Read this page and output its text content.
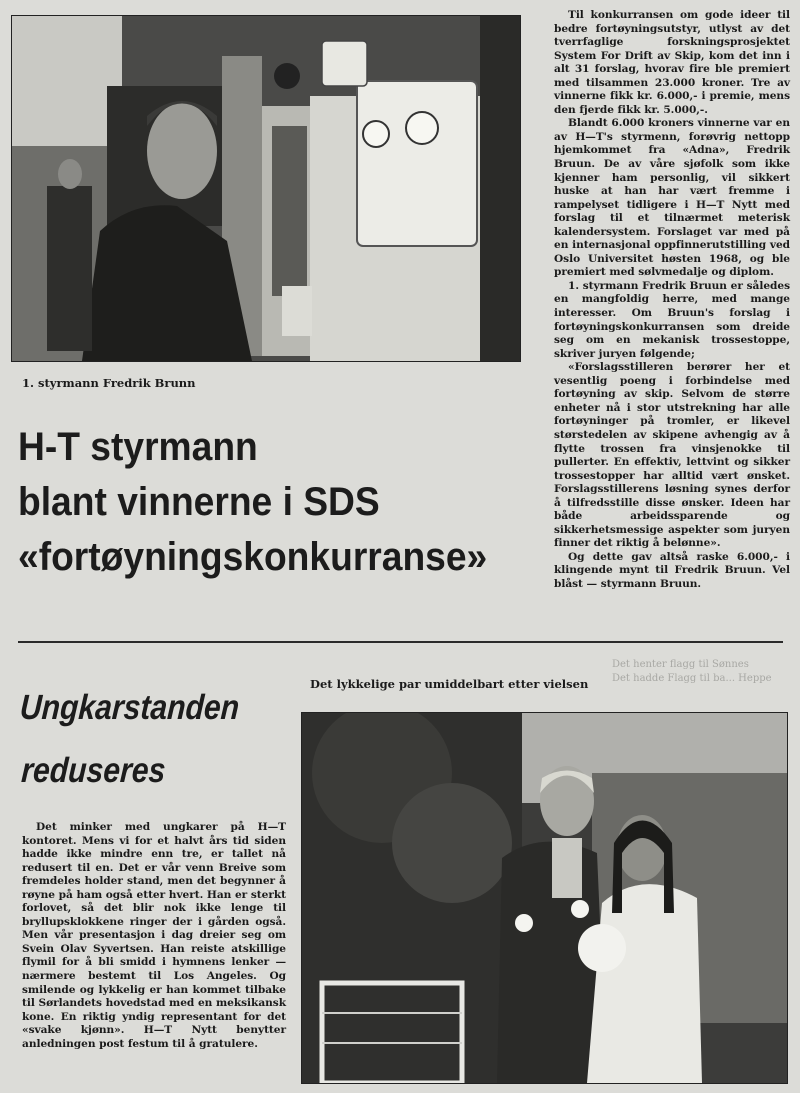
1. styrmann Fredrik Brunn
H-T styrmann
blant vinnerne i SDS
«fortøyningskonkurranse»

Til konkurransen om gode ideer til bedre fortøyningsutstyr, utlyst av det tverrfaglige forskningsprosjektet System For Drift av Skip, kom det inn i alt 31 forslag, hvorav fire ble premiert med tilsammen 23.000 kroner. Tre av vinnerne fikk kr. 6.000,- i premie, mens den fjerde fikk kr. 5.000,-.

Blandt 6.000 kroners vinnerne var en av H—T's styrmenn, forøvrig nettopp hjemkommet fra «Adna», Fredrik Bruun. De av våre sjøfolk som ikke kjenner ham personlig, vil sikkert huske at han har vært fremme i rampelyset tidligere i H—T Nytt med forslag til et tilnærmet meterisk kalendersystem. Forslaget var med på en internasjonal oppfinnerutstilling ved Oslo Universitet høsten 1968, og ble premiert med sølvmedalje og diplom.

1. styrmann Fredrik Bruun er således en mangfoldig herre, med mange interesser. Om Bruun's forslag i fortøyningskonkurransen som dreide seg om en mekanisk trossestoppe, skriver juryen følgende;

«Forslagsstilleren berører her et vesentlig poeng i forbindelse med fortøyning av skip. Selvom de større enheter nå i stor utstrekning har alle fortøyninger på tromler, er likevel størstedelen av skipene avhengig av å flytte trossen fra vinsjenokke til pullerter. En effektiv, lettvint og sikker trossestopper har alltid vært ønsket. Forslagsstillerens løsning synes derfor å tilfredsstille disse ønsker. Ideen har både arbeidssparende og sikkerhetsmessige aspekter som juryen finner det riktig å belønne».

Og dette gav altså raske 6.000,- i klingende mynt til Fredrik Bruun. Vel blåst — styrmann Bruun.

Det henter flagg til Sønnes
Det hadde Flagg til ba... Heppe
Ungkarstanden
reduseres
Det lykkelige par umiddelbart etter vielsen

Det minker med ungkarer på H—T kontoret. Mens vi for et halvt års tid siden hadde ikke mindre enn tre, er tallet nå redusert til en. Det er vår venn Breive som fremdeles holder stand, men det begynner å røyne på ham også etter hvert. Han er sterkt forlovet, så det blir nok ikke lenge til bryllupsklokkene ringer der i gården også. Men vår presentasjon i dag dreier seg om Svein Olav Syvertsen. Han reiste atskillige flymil for å bli smidd i hymnens lenker — nærmere bestemt til Los Angeles. Og smilende og lykkelig er han kommet tilbake til Sørlandets hovedstad med en meksikansk kone. En riktig yndig representant for det «svake kjønn». H—T Nytt benytter anledningen post festum til å gratulere.
